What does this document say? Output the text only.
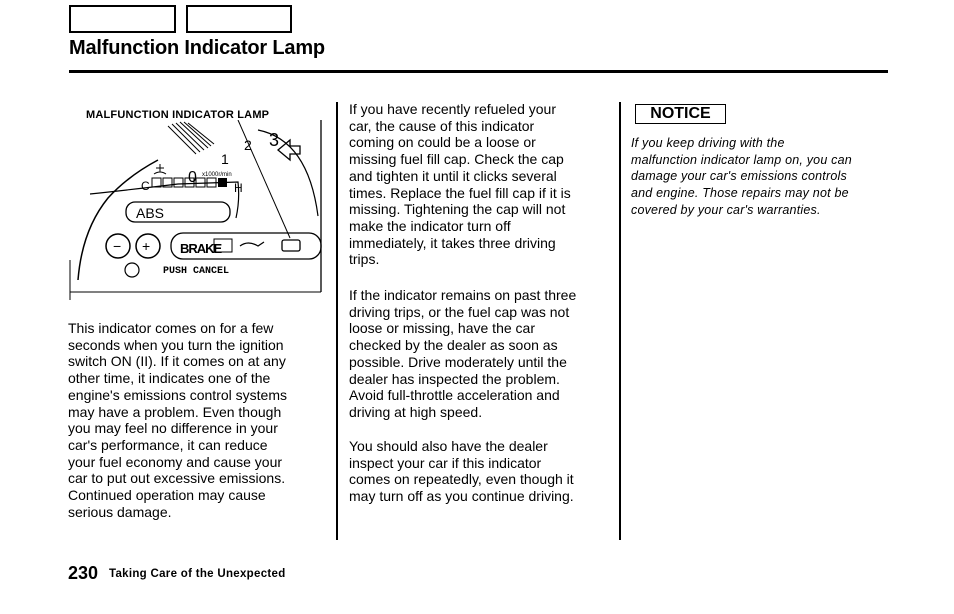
Malfunction Indicator Lamp
MALFUNCTION INDICATOR LAMP
0
1
2 3
x1000r/min
C	H
ABS
− + BRAKE
PUSH CANCEL
This indicator comes on for a few
seconds when you turn the ignition
switch ON (II). If it comes on at any
other time, it indicates one of the
engine's emissions control systems
may have a problem. Even though
you may feel no difference in your
car's performance, it can reduce
your fuel economy and cause your
car to put out excessive emissions.
Continued operation may cause
serious damage.
If you have recently refueled your
car, the cause of this indicator
coming on could be a loose or
missing fuel fill cap. Check the cap
and tighten it until it clicks several
times. Replace the fuel fill cap if it is
missing. Tightening the cap will not
make the indicator turn off
immediately, it takes three driving
trips.
If the indicator remains on past three
driving trips, or the fuel cap was not
loose or missing, have the car
checked by the dealer as soon as
possible. Drive moderately until the
dealer has inspected the problem.
Avoid full-throttle acceleration and
driving at high speed.
You should also have the dealer
inspect your car if this indicator
comes on repeatedly, even though it
may turn off as you continue driving.
NOTICE
If you keep driving with the
malfunction indicator lamp on, you can
damage your car's emissions controls
and engine. Those repairs may not be
covered by your car's warranties.
230 Taking Care of the Unexpected
